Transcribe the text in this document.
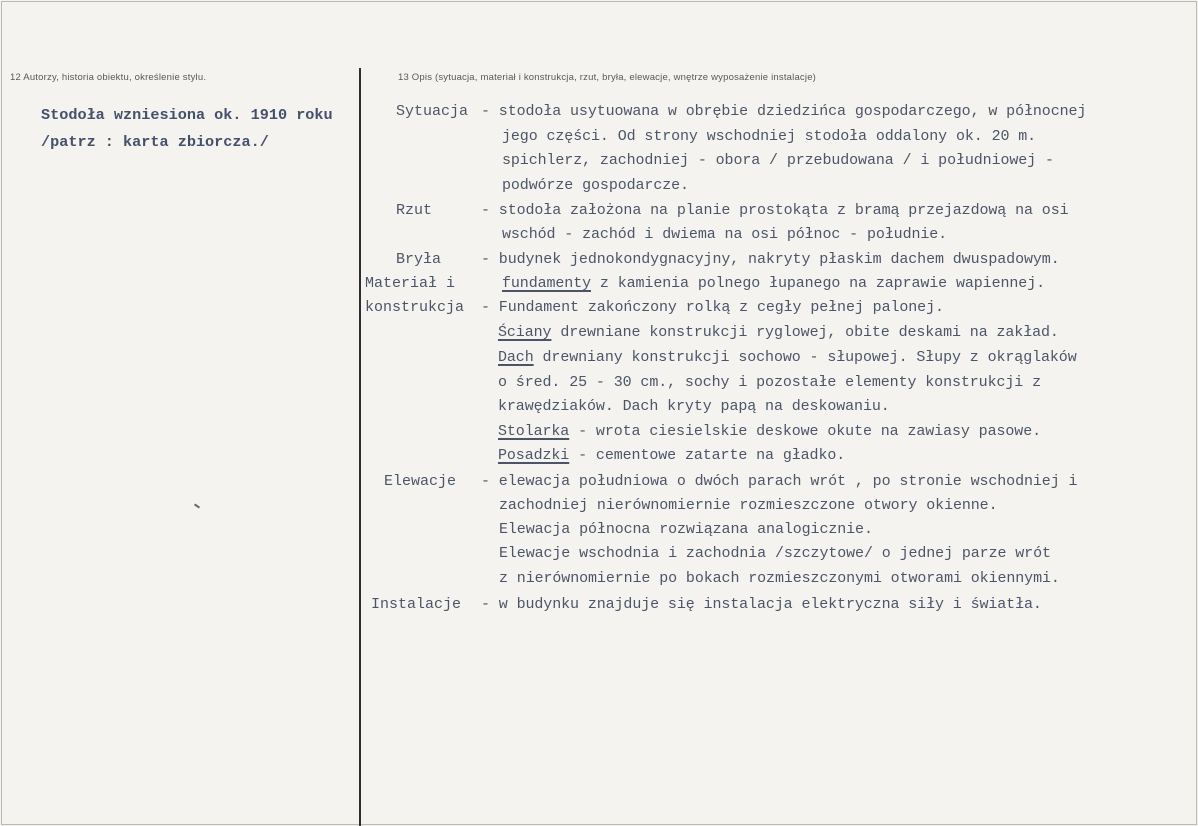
12 Autorzy, historia obiektu, określenie stylu.	13 Opis (sytuacja, materiał i konstrukcja, rzut, bryła, elewacje, wnętrze wyposażenie instalacje)
Stodoła wzniesiona ok. 1910 roku
/patrz : karta zbiorcza./
Sytuacja
Rzut
Bryła
Materiał i
konstrukcja
Elewacje
Instalacje
- stodoła usytuowana w obrębie dziedzińca gospodarczego, w północnej
jego części. Od strony wschodniej stodoła oddalony ok. 20 m.
spichlerz, zachodniej - obora / przebudowana / i południowej -
podwórze gospodarcze.
- stodoła założona na planie prostokąta z bramą przejazdową na osi
wschód - zachód i dwiema na osi północ - południe.
- budynek jednokondygnacyjny, nakryty płaskim dachem dwuspadowym.
fundamenty z kamienia polnego łupanego na zaprawie wapiennej.
- Fundament zakończony rolką z cegły pełnej palonej.
Ściany drewniane konstrukcji ryglowej, obite deskami na zakład.
Dach drewniany konstrukcji sochowo - słupowej. Słupy z okrąglaków
o śred. 25 - 30 cm., sochy i pozostałe elementy konstrukcji z
krawędziaków. Dach kryty papą na deskowaniu.
Stolarka - wrota ciesielskie deskowe okute na zawiasy pasowe.
Posadzki - cementowe zatarte na gładko.
- elewacja południowa o dwóch parach wrót , po stronie wschodniej i
zachodniej nierównomiernie rozmieszczone otwory okienne.
Elewacja północna rozwiązana analogicznie.
Elewacje wschodnia i zachodnia /szczytowe/ o jednej parze wrót
z nierównomiernie po bokach rozmieszczonymi otworami okiennymi.
- w budynku znajduje się instalacja elektryczna siły i światła.
